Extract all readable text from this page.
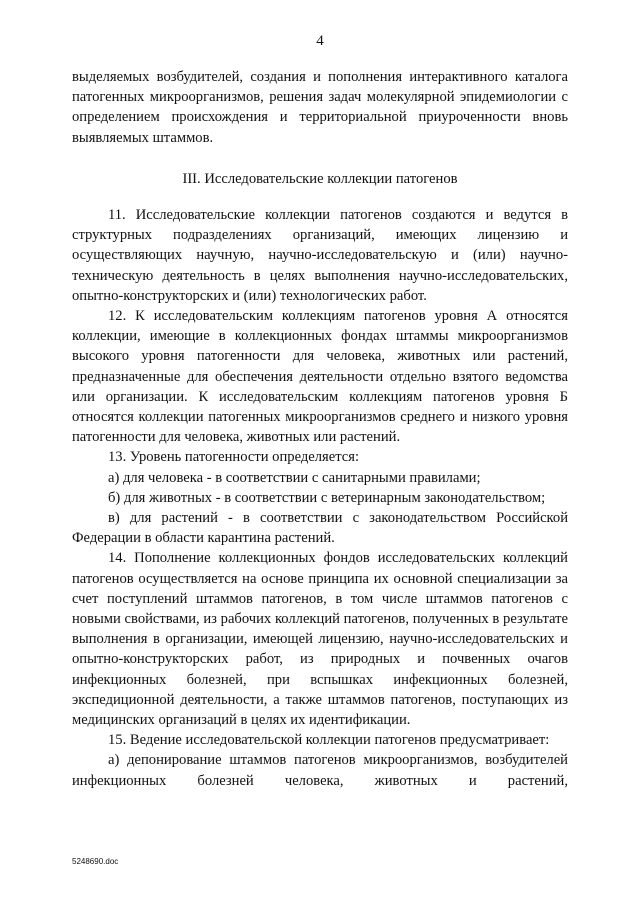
4

выделяемых возбудителей, создания и пополнения интерактивного каталога патогенных микроорганизмов, решения задач молекулярной эпидемиологии с определением происхождения и территориальной приуроченности вновь выявляемых штаммов.

III. Исследовательские коллекции патогенов

11. Исследовательские коллекции патогенов создаются и ведутся в структурных подразделениях организаций, имеющих лицензию и осуществляющих научную, научно-исследовательскую и (или) научно-техническую деятельность в целях выполнения научно-исследовательских, опытно-конструкторских и (или) технологических работ.

12. К исследовательским коллекциям патогенов уровня А относятся коллекции, имеющие в коллекционных фондах штаммы микроорганизмов высокого уровня патогенности для человека, животных или растений, предназначенные для обеспечения деятельности отдельно взятого ведомства или организации. К исследовательским коллекциям патогенов уровня Б относятся коллекции патогенных микроорганизмов среднего и низкого уровня патогенности для человека, животных или растений.

13. Уровень патогенности определяется:

а) для человека - в соответствии с санитарными правилами;

б) для животных - в соответствии с ветеринарным законодательством;

в) для растений - в соответствии с законодательством Российской Федерации в области карантина растений.

14. Пополнение коллекционных фондов исследовательских коллекций патогенов осуществляется на основе принципа их основной специализации за счет поступлений штаммов патогенов, в том числе штаммов патогенов с новыми свойствами, из рабочих коллекций патогенов, полученных в результате выполнения в организации, имеющей лицензию, научно-исследовательских и опытно-конструкторских работ, из природных и почвенных очагов инфекционных болезней, при вспышках инфекционных болезней, экспедиционной деятельности, а также штаммов патогенов, поступающих из медицинских организаций в целях их идентификации.

15. Ведение исследовательской коллекции патогенов предусматривает:

а) депонирование штаммов патогенов микроорганизмов, возбудителей инфекционных болезней человека, животных и растений,

5248690.doc
